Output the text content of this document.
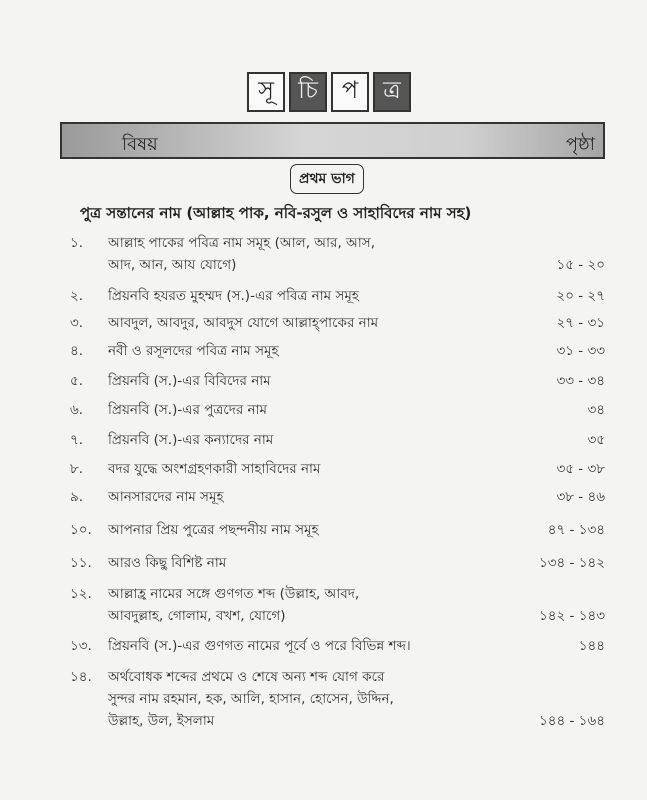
সূ	চি প	ত্র
বিষয়	পৃষ্ঠা
প্রথম ভাগ
পুত্র সন্তানের নাম (আল্লাহ পাক, নবি-রসুল ও সাহাবিদের নাম সহ)
১.	আল্লাহ পাকের পবিত্র নাম সমূহ (আল, আর, আস,
আদ, আন, আয যোগে)	১৫ - ২০
২.	প্রিয়নবি হযরত মুহম্মদ (স.)-এর পবিত্র নাম সমূহ	২০ - ২৭
৩.	আবদুল, আবদুর, আবদুস যোগে আল্লাহ্পাকের নাম	২৭ - ৩১
৪.	নবী ও রসূলদের পবিত্র নাম সমূহ	৩১ - ৩৩
৫.	প্রিয়নবি (স.)-এর বিবিদের নাম	৩৩ - ৩৪
৬.	প্রিয়নবি (স.)-এর পুত্রদের নাম	৩৪
৭.	প্রিয়নবি (স.)-এর কন্যাদের নাম	৩৫
৮.	বদর যুদ্ধে অংশগ্রহণকারী সাহাবিদের নাম	৩৫ - ৩৮
৯.	আনসারদের নাম সমূহ	৩৮ - ৪৬
১০.	আপনার প্রিয় পুত্রের পছন্দনীয় নাম সমূহ	৪৭ - ১৩৪
১১.	আরও কিছু বিশিষ্ট নাম	১৩৪ - ১৪২
১২.	আল্লাহ্র নামের সঙ্গে গুণগত শব্দ (উল্লাহ, আবদ,
আবদুল্লাহ, গোলাম, বখশ, যোগে)	১৪২ - ১৪৩
১৩.	প্রিয়নবি (স.)-এর গুণগত নামের পূর্বে ও পরে বিভিন্ন শব্দ।	১৪৪
১৪.	অর্থবোধক শব্দের প্রথমে ও শেষে অন্য শব্দ যোগ করে
সুন্দর নাম রহমান, হক, আলি, হাসান, হোসেন, উদ্দিন,
উল্লাহ, উল, ইসলাম	১৪৪ - ১৬৪
